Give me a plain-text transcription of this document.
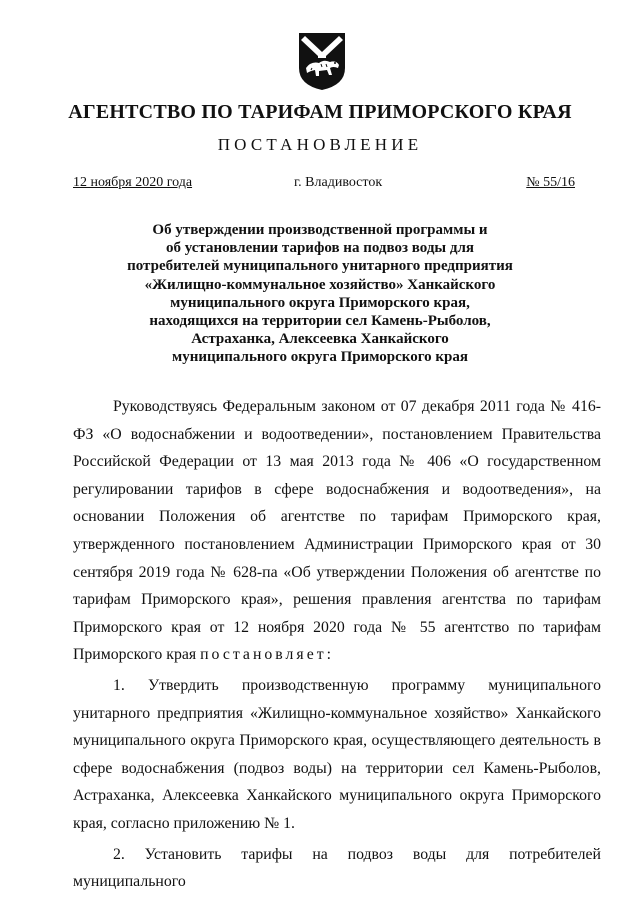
АГЕНТСТВО ПО ТАРИФАМ ПРИМОРСКОГО КРАЯ
ПОСТАНОВЛЕНИЕ
12 ноября 2020 года	г. Владивосток	№ 55/16
Об утверждении производственной программы и
об установлении тарифов на подвоз воды для
потребителей муниципального унитарного предприятия
«Жилищно-коммунальное хозяйство» Ханкайского
муниципального округа Приморского края,
находящихся на территории сел Камень-Рыболов,
Астраханка, Алексеевка Ханкайского
муниципального округа Приморского края

Руководствуясь Федеральным законом от 07 декабря 2011 года № 416-ФЗ «О водоснабжении и водоотведении», постановлением Правительства Российской Федерации от 13 мая 2013 года № 406 «О государственном регулировании тарифов в сфере водоснабжения и водоотведения», на основании Положения об агентстве по тарифам Приморского края, утвержденного постановлением Администрации Приморского края от 30 сентября 2019 года № 628-па «Об утверждении Положения об агентстве по тарифам Приморского края», решения правления агентства по тарифам Приморского края от 12 ноября 2020 года № 55 агентство по тарифам Приморского края постановляет:

1. Утвердить производственную программу муниципального унитарного предприятия «Жилищно-коммунальное хозяйство» Ханкайского муниципального округа Приморского края, осуществляющего деятельность в сфере водоснабжения (подвоз воды) на территории сел Камень-Рыболов, Астраханка, Алексеевка Ханкайского муниципального округа Приморского края, согласно приложению № 1.

2. Установить тарифы на подвоз воды для потребителей муниципального
